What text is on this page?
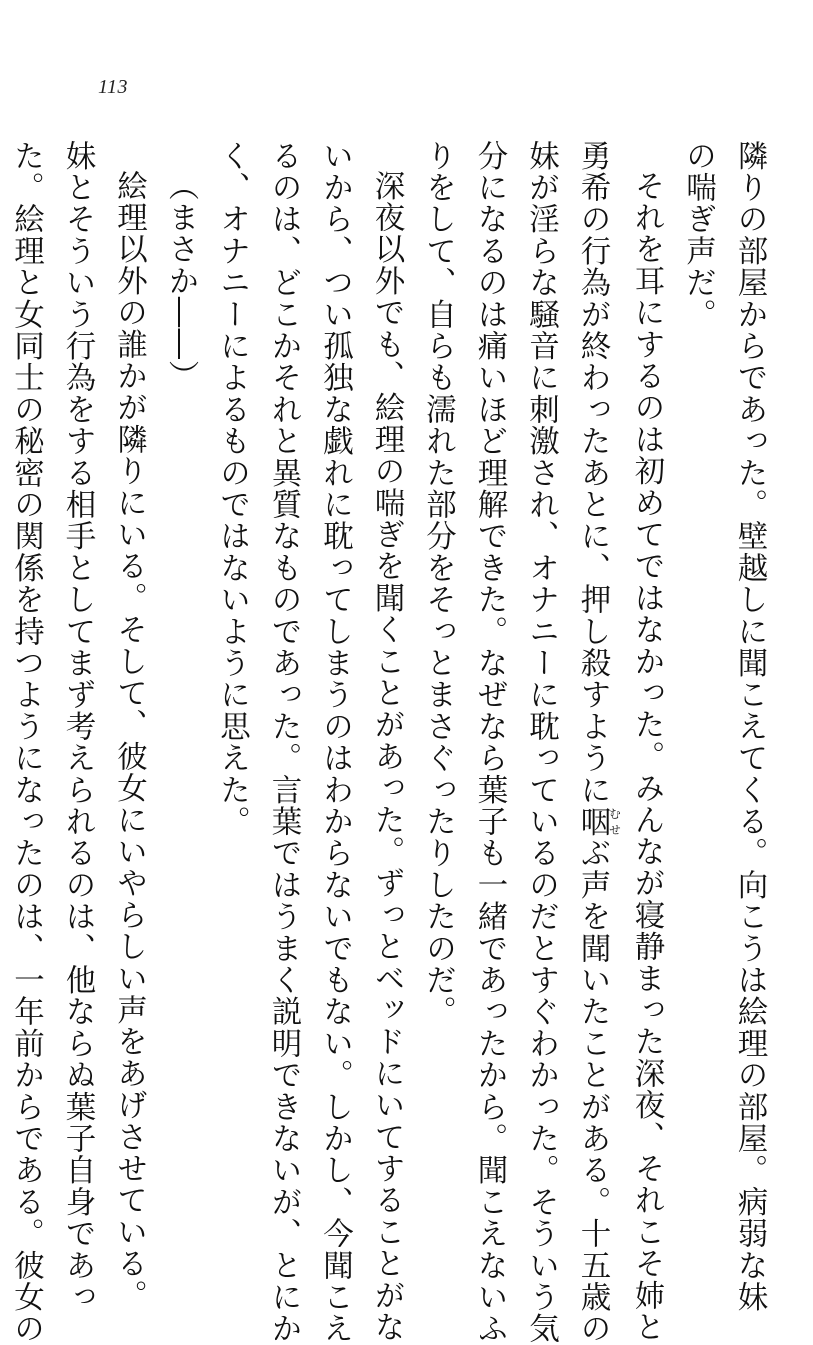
113

隣りの部屋からであった。壁越しに聞こえてくる。向こうは絵理の部屋。病弱な妹

の喘ぎ声だ。

それを耳にするのは初めてではなかった。みんなが寝静まった深夜、それこそ姉と

勇希の行為が終わったあとに、押し殺すように咽むせぶ声を聞いたことがある。十五歳の

妹が淫らな騒音に刺激され、オナニーに耽っているのだとすぐわかった。そういう気

分になるのは痛いほど理解できた。なぜなら葉子も一緒であったから。聞こえないふ

りをして、自らも濡れた部分をそっとまさぐったりしたのだ。

深夜以外でも、絵理の喘ぎを聞くことがあった。ずっとベッドにいてすることがな

いから、つい孤独な戯れに耽ってしまうのはわからないでもない。しかし、今聞こえ

るのは、どこかそれと異質なものであった。言葉ではうまく説明できないが、とにか

く、オナニーによるものではないように思えた。

（まさか――）

絵理以外の誰かが隣りにいる。そして、彼女にいやらしい声をあげさせている。

妹とそういう行為をする相手としてまず考えられるのは、他ならぬ葉子自身であっ

た。絵理と女同士の秘密の関係を持つようになったのは、一年前からである。彼女の
